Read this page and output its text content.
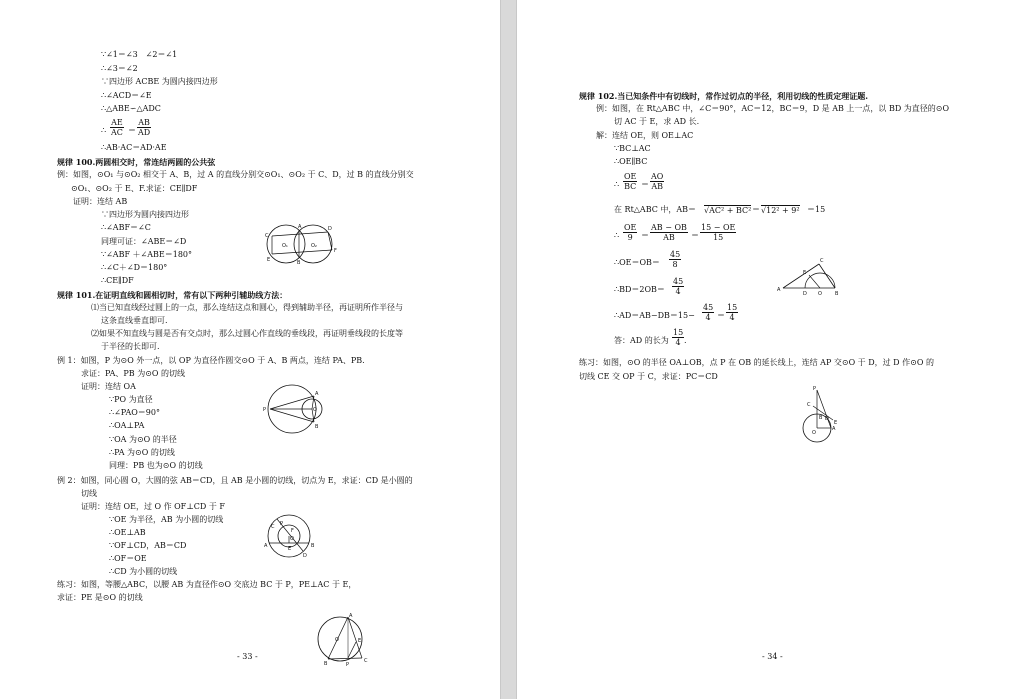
∵∠1＝∠3　∠2＝∠1
∴∠3＝∠2
∵四边形 ACBE 为圆内接四边形
∴∠ACD＝∠E
∴△ABE∽△ADC
∴ $\frac{AE}{AC} = \frac{AB}{AD}$
∴AB·AC＝AD·AE
规律 100.两圆相交时，常连结两圆的公共弦
例：如图，⊙O₁ 与⊙O₂ 相交于 A、B，过 A 的直线分别交⊙O₁、⊙O₂ 于 C、D，过 B 的直线分别交
⊙O₁、⊙O₂ 于 E、F.求证：CE∥DF
证明：连结 AB
∵四边形为圆内接四边形
∴∠ABF＝∠C
同理可证：∠ABE＝∠D
∵∠ABF ＋∠ABE＝180°
∴∠C＋∠D＝180°
∴CE∥DF
规律 101.在证明直线和圆相切时，常有以下两种引辅助线方法：
⑴当已知直线经过圆上的一点，那么连结这点和圆心，得到辅助半径，再证明所作半径与
这条直线垂直即可.
⑵如果不知直线与圆是否有交点时，那么过圆心作直线的垂线段，再证明垂线段的长度等
于半径的长即可.
例 1：如图，P 为⊙O 外一点，以 OP 为直径作圆交⊙O 于 A、B 两点，连结 PA、PB.
求证：PA、PB 为⊙O 的切线
证明：连结 OA
∵PO 为直径
∴∠PAO＝90°
∴OA⊥PA
∵OA 为⊙O 的半径
∴PA 为⊙O 的切线
同理：PB 也为⊙O 的切线
例 2：如图，同心圆 O，大圆的弦 AB＝CD，且 AB 是小圆的切线，切点为 E，求证：CD 是小圆的
切线
证明：连结 OE，过 O 作 OF⊥CD 于 F
∵OE 为半径，AB 为小圆的切线
∴OE⊥AB
∵OF⊥CD，AB＝CD
∴OF＝OE
∴CD 为小圆的切线
练习：如图，等腰△ABC，以腰 AB 为直径作⊙O 交底边 BC 于 P，PE⊥AC 于 E，
求证：PE 是⊙O 的切线
C
A
F
E	B
D
O₁	O₂
P
A
O
B
C P
F
D
A
O
E	B
A
O
B	P
C
E
- 33 -
规律 102.当已知条件中有切线时，常作过切点的半径，利用切线的性质定理证题.
例：如图，在 Rt△ABC 中，∠C＝90°，AC＝12，BC＝9，D 是 AB 上一点，以 BD 为直径的⊙O
切 AC 于 E，求 AD 长.
解：连结 OE，则 OE⊥AC
∵BC⊥AC
∴OE∥BC
∴ $\frac{OE}{BC} = \frac{AO}{AB}$
在 Rt△ABC 中，AB＝ √AC² + BC² ＝ √12² + 9² ＝15
∴ $\frac{OE}{9} = \frac{AB - OB}{AB} = \frac{15 - OE}{15}$
∴OE＝OB＝ $\frac{45}{8}$
∴BD＝2OB＝ $\frac{45}{4}$
∴AD＝AB−DB＝15− $\frac{45}{4} = \frac{15}{4}$
答：AD 的长为 $\frac{15}{4}$ .
练习：如图，⊙O 的半径 OA⊥OB，点 P 在 OB 的延长线上，连结 AP 交⊙O 于 D，过 D 作⊙O 的
切线 CE 交 OP 于 C，求证：PC＝CD
C
E
A
D O	B
P
C
D
A
O
B
E
- 34 -
